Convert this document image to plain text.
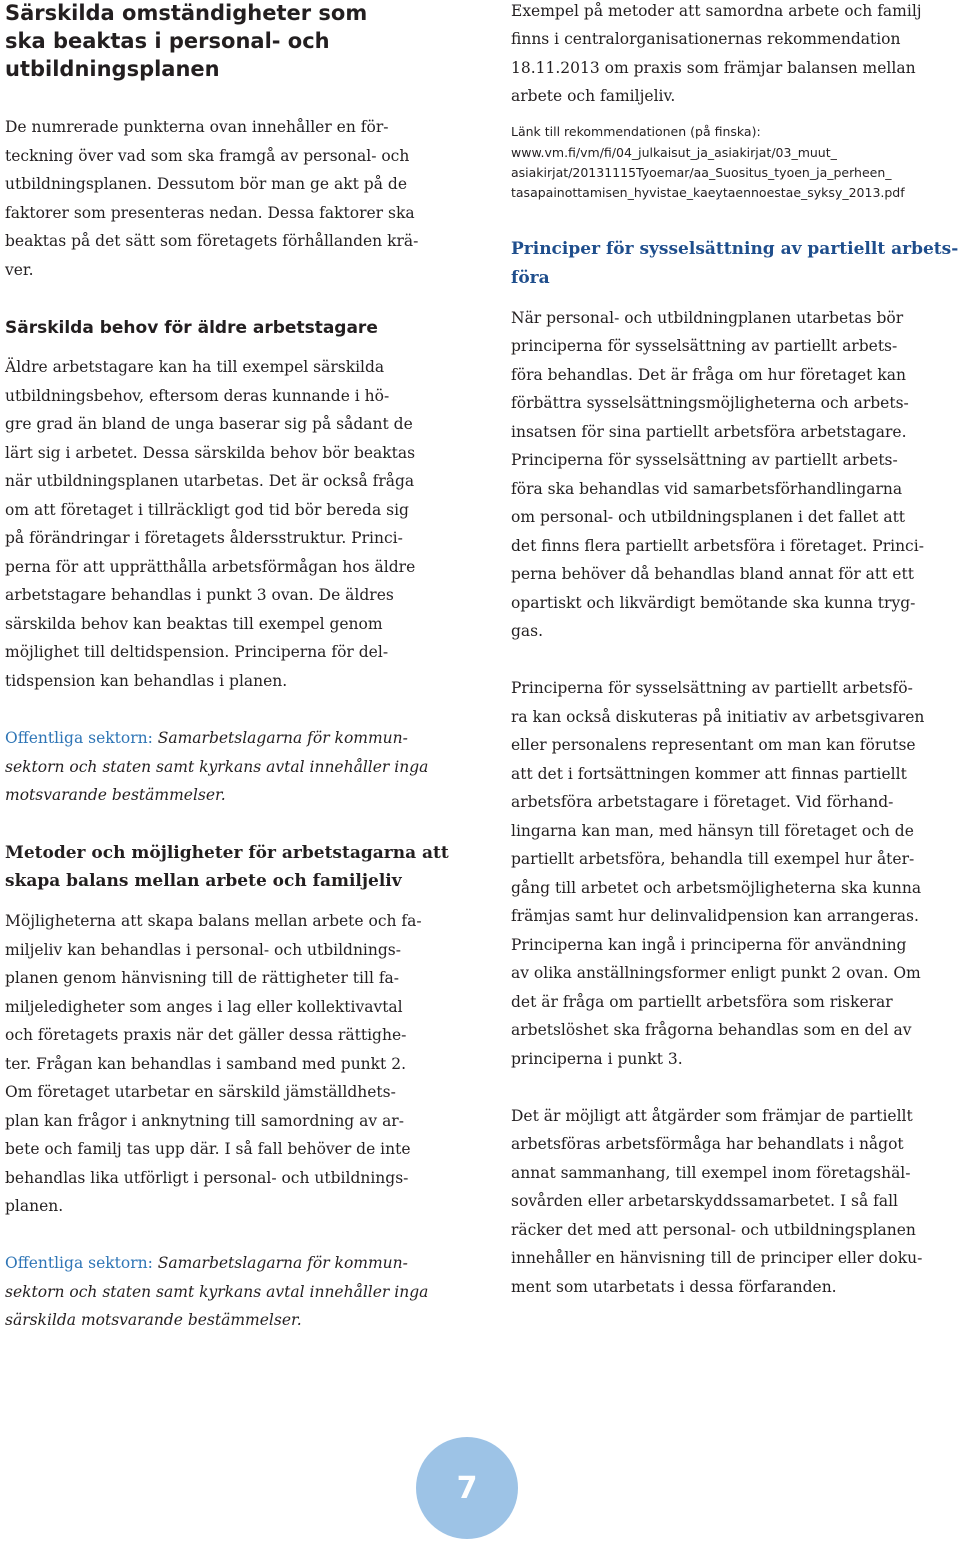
Särskilda omständigheter som
ska beaktas i personal- och
utbildningsplanen
De numrerade punkterna ovan innehåller en för-
teckning över vad som ska framgå av personal- och
utbildningsplanen. Dessutom bör man ge akt på de
faktorer som presenteras nedan. Dessa faktorer ska
beaktas på det sätt som företagets förhållanden krä-
ver.
Särskilda behov för äldre arbetstagare
Äldre arbetstagare kan ha till exempel särskilda
utbildningsbehov, eftersom deras kunnande i hö-
gre grad än bland de unga baserar sig på sådant de
lärt sig i arbetet. Dessa särskilda behov bör beaktas
när utbildningsplanen utarbetas. Det är också fråga
om att företaget i tillräckligt god tid bör bereda sig
på förändringar i företagets åldersstruktur. Princi-
perna för att upprätthålla arbetsförmågan hos äldre
arbetstagare behandlas i punkt 3 ovan. De äldres
särskilda behov kan beaktas till exempel genom
möjlighet till deltidspension. Principerna för del-
tidspension kan behandlas i planen.
Offentliga sektorn: Samarbetslagarna för kommun-
sektorn och staten samt kyrkans avtal innehåller inga
motsvarande bestämmelser.
Metoder och möjligheter för arbetstagarna att
skapa balans mellan arbete och familjeliv
Möjligheterna att skapa balans mellan arbete och fa-
miljeliv kan behandlas i personal- och utbildnings-
planen genom hänvisning till de rättigheter till fa-
miljeledigheter som anges i lag eller kollektivavtal
och företagets praxis när det gäller dessa rättighe-
ter. Frågan kan behandlas i samband med punkt 2.
Om företaget utarbetar en särskild jämställdhets-
plan kan frågor i anknytning till samordning av ar-
bete och familj tas upp där. I så fall behöver de inte
behandlas lika utförligt i personal- och utbildnings-
planen.
Offentliga sektorn: Samarbetslagarna för kommun-
sektorn och staten samt kyrkans avtal innehåller inga
särskilda motsvarande bestämmelser.
Exempel på metoder att samordna arbete och familj
finns i centralorganisationernas rekommendation
18.11.2013 om praxis som främjar balansen mellan
arbete och familjeliv.
Länk till rekommendationen (på finska):
www.vm.fi/vm/fi/04_julkaisut_ja_asiakirjat/03_muut_
asiakirjat/20131115Tyoemar/aa_Suositus_tyoen_ja_perheen_
tasapainottamisen_hyvistae_kaeytaennoestae_syksy_2013.pdf
Principer för sysselsättning av partiellt arbets-
föra
När personal- och utbildningplanen utarbetas bör
principerna för sysselsättning av partiellt arbets-
föra behandlas. Det är fråga om hur företaget kan
förbättra sysselsättningsmöjligheterna och arbets-
insatsen för sina partiellt arbetsföra arbetstagare.
Principerna för sysselsättning av partiellt arbets-
föra ska behandlas vid samarbetsförhandlingarna
om personal- och utbildningsplanen i det fallet att
det finns flera partiellt arbetsföra i företaget. Princi-
perna behöver då behandlas bland annat för att ett
opartiskt och likvärdigt bemötande ska kunna tryg-
gas.
Principerna för sysselsättning av partiellt arbetsfö-
ra kan också diskuteras på initiativ av arbetsgivaren
eller personalens representant om man kan förutse
att det i fortsättningen kommer att finnas partiellt
arbetsföra arbetstagare i företaget. Vid förhand-
lingarna kan man, med hänsyn till företaget och de
partiellt arbetsföra, behandla till exempel hur åter-
gång till arbetet och arbetsmöjligheterna ska kunna
främjas samt hur delinvalidpension kan arrangeras.
Principerna kan ingå i principerna för användning
av olika anställningsformer enligt punkt 2 ovan. Om
det är fråga om partiellt arbetsföra som riskerar
arbetslöshet ska frågorna behandlas som en del av
principerna i punkt 3.
Det är möjligt att åtgärder som främjar de partiellt
arbetsföras arbetsförmåga har behandlats i något
annat sammanhang, till exempel inom företagshäl-
sovården eller arbetarskyddssamarbetet. I så fall
räcker det med att personal- och utbildningsplanen
innehåller en hänvisning till de principer eller doku-
ment som utarbetats i dessa förfaranden.
7
